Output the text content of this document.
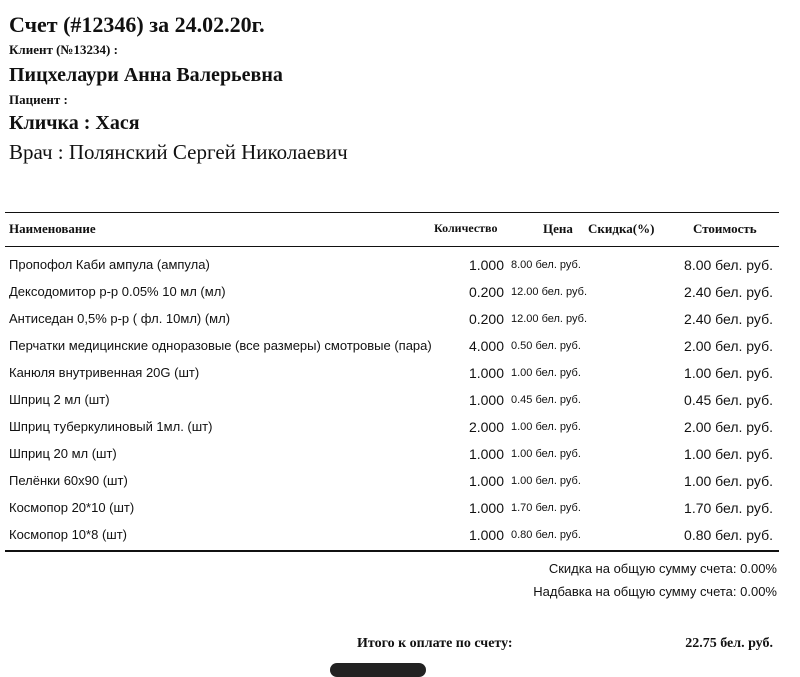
Счет (#12346) за 24.02.20г.
Клиент (№13234) :
Пицхелаури Анна Валерьевна
Пациент :
Кличка : Хася
Врач : Полянский Сергей Николаевич
Наименование	Количество	Цена Скидка(%)	Стоимость
Пропофол Каби ампула (ампула)	1.000 8.00 бел. руб.	8.00 бел. руб.
Дексодомитор р-р 0.05% 10 мл (мл)	0.200 12.00 бел. руб.	2.40 бел. руб.
Антиседан 0,5% р-р ( фл. 10мл) (мл)	0.200 12.00 бел. руб.	2.40 бел. руб.
Перчатки медицинские одноразовые (все размеры) смотровые (пара)	4.000 0.50 бел. руб.	2.00 бел. руб.
Канюля внутривенная 20G (шт)	1.000 1.00 бел. руб.	1.00 бел. руб.
Шприц 2 мл (шт)	1.000 0.45 бел. руб.	0.45 бел. руб.
Шприц туберкулиновый 1мл. (шт)	2.000 1.00 бел. руб.	2.00 бел. руб.
Шприц 20 мл (шт)	1.000 1.00 бел. руб.	1.00 бел. руб.
Пелёнки 60x90 (шт)	1.000 1.00 бел. руб.	1.00 бел. руб.
Космопор 20*10 (шт)	1.000 1.70 бел. руб.	1.70 бел. руб.
Космопор 10*8 (шт)	1.000 0.80 бел. руб.	0.80 бел. руб.
Скидка на общую сумму счета: 0.00%
Надбавка на общую сумму счета: 0.00%
Итого к оплате по счету:	22.75 бел. руб.
